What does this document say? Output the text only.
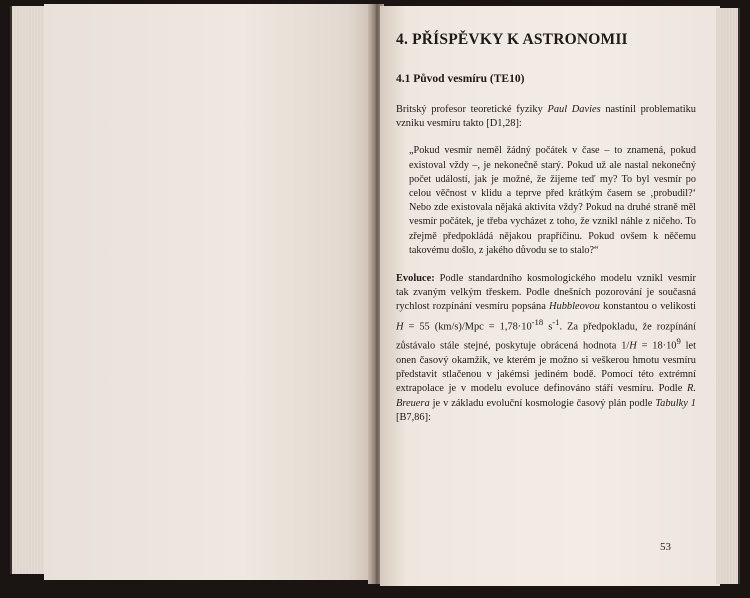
4. PŘÍSPĚVKY K ASTRONOMII
4.1 Původ vesmíru (TE10)

Britský profesor teoretické fyziky Paul Davies nastínil problematiku vzniku vesmíru takto [D1,28]:

„Pokud vesmír neměl žádný počátek v čase – to znamená, pokud existoval vždy –, je nekonečně starý. Pokud už ale nastal nekonečný počet událostí, jak je možné, že žijeme teď my? To byl vesmír po celou věčnost v klidu a teprve před krátkým časem se ‚probudil?‘ Nebo zde existovala nějaká aktivita vždy? Pokud na druhé straně měl vesmír počátek, je třeba vycházet z toho, že vznikl náhle z ničeho. To zřejmě předpokládá nějakou prapříčinu. Pokud ovšem k něčemu takovému došlo, z jakého důvodu se to stalo?“

Evoluce: Podle standardního kosmologického modelu vznikl vesmír tak zvaným velkým třeskem. Podle dnešních pozorování je současná rychlost rozpínání vesmíru popsána Hubbleovou konstantou o velikosti H = 55 $(km/s)/Mpc = 1,78\cdot 10^{-18}$ $s^{-1}$. Za předpokladu, že rozpínání zůstávalo stále stejné, poskytuje obrácená hodnota $1/H = 18\cdot 10^9$ let onen časový okamžik, ve kterém je možno si veškerou hmotu vesmíru představit stlačenou v jakémsi jediném bodě. Pomocí této extrémní extrapolace je v modelu evoluce definováno stáří vesmíru. Podle R. Breuera je v základu evoluční kosmologie časový plán podle Tabulky 1 [B7,86]:

53
